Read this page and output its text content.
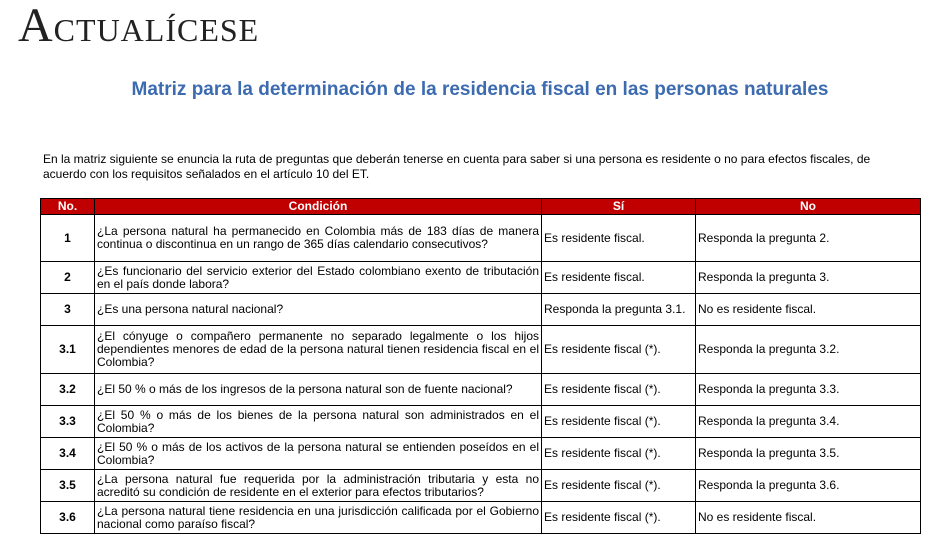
ACTUALÍCESE
Matriz para la determinación de la residencia fiscal en las personas naturales
En la matriz siguiente se enuncia la ruta de preguntas que deberán tenerse en cuenta para saber si una persona es residente o no para efectos fiscales, de acuerdo con los requisitos señalados en el artículo 10 del ET.
No.	Condición	Sí	No
1	¿La persona natural ha permanecido en Colombia más de 183 días de manera continua o discontinua en un rango de 365 días calendario consecutivos?	Es residente fiscal.	Responda la pregunta 2.
2	¿Es funcionario del servicio exterior del Estado colombiano exento de tributación en el país donde labora?	Es residente fiscal.	Responda la pregunta 3.
3	¿Es una persona natural nacional?	Responda la pregunta 3.1.	No es residente fiscal.
3.1	¿El cónyuge o compañero permanente no separado legalmente o los hijos dependientes menores de edad de la persona natural tienen residencia fiscal en el Colombia?	Es residente fiscal (*).	Responda la pregunta 3.2.
3.2	¿El 50 % o más de los ingresos de la persona natural son de fuente nacional?	Es residente fiscal (*).	Responda la pregunta 3.3.
3.3	¿El 50 % o más de los bienes de la persona natural son administrados en el Colombia?	Es residente fiscal (*).	Responda la pregunta 3.4.
3.4	¿El 50 % o más de los activos de la persona natural se entienden poseídos en el Colombia?	Es residente fiscal (*).	Responda la pregunta 3.5.
3.5	¿La persona natural fue requerida por la administración tributaria y esta no acreditó su condición de residente en el exterior para efectos tributarios?	Es residente fiscal (*).	Responda la pregunta 3.6.
3.6	¿La persona natural tiene residencia en una jurisdicción calificada por el Gobierno nacional como paraíso fiscal?	Es residente fiscal (*).	No es residente fiscal.
